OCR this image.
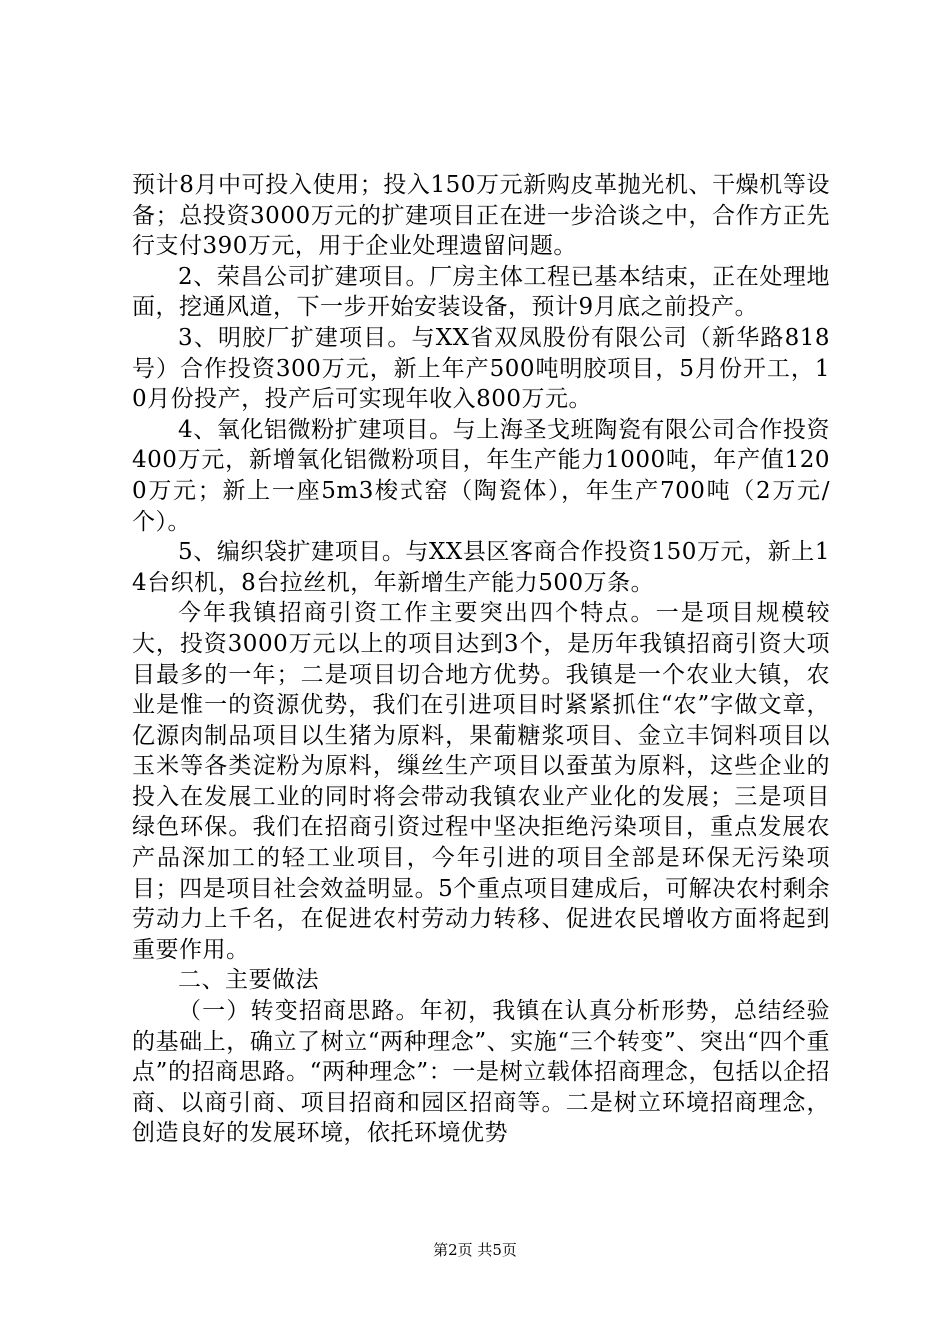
预计8月中可投入使用；投入150万元新购皮革抛光机、干燥机等设备；总投资3000万元的扩建项目正在进一步洽谈之中，合作方正先行支付390万元，用于企业处理遗留问题。

2、荣昌公司扩建项目。厂房主体工程已基本结束，正在处理地面，挖通风道，下一步开始安装设备，预计9月底之前投产。

3、明胶厂扩建项目。与XX省双凤股份有限公司（新华路818号）合作投资300万元，新上年产500吨明胶项目，5月份开工，10月份投产，投产后可实现年收入800万元。

4、氧化铝微粉扩建项目。与上海圣戈班陶瓷有限公司合作投资400万元，新增氧化铝微粉项目，年生产能力1000吨，年产值1200万元；新上一座5m3梭式窑（陶瓷体），年生产700吨（2万元/个）。

5、编织袋扩建项目。与XX县区客商合作投资150万元，新上14台织机，8台拉丝机，年新增生产能力500万条。

今年我镇招商引资工作主要突出四个特点。一是项目规模较大，投资3000万元以上的项目达到3个，是历年我镇招商引资大项目最多的一年；二是项目切合地方优势。我镇是一个农业大镇，农业是惟一的资源优势，我们在引进项目时紧紧抓住“农”字做文章，亿源肉制品项目以生猪为原料，果葡糖浆项目、金立丰饲料项目以玉米等各类淀粉为原料，缫丝生产项目以蚕茧为原料，这些企业的投入在发展工业的同时将会带动我镇农业产业化的发展；三是项目绿色环保。我们在招商引资过程中坚决拒绝污染项目，重点发展农产品深加工的轻工业项目，今年引进的项目全部是环保无污染项目；四是项目社会效益明显。5个重点项目建成后，可解决农村剩余劳动力上千名，在促进农村劳动力转移、促进农民增收方面将起到重要作用。

二、主要做法

（一）转变招商思路。年初，我镇在认真分析形势，总结经验的基础上，确立了树立“两种理念”、实施“三个转变”、突出“四个重点”的招商思路。“两种理念”：一是树立载体招商理念，包括以企招商、以商引商、项目招商和园区招商等。二是树立环境招商理念，创造良好的发展环境，依托环境优势

第2页 共5页
